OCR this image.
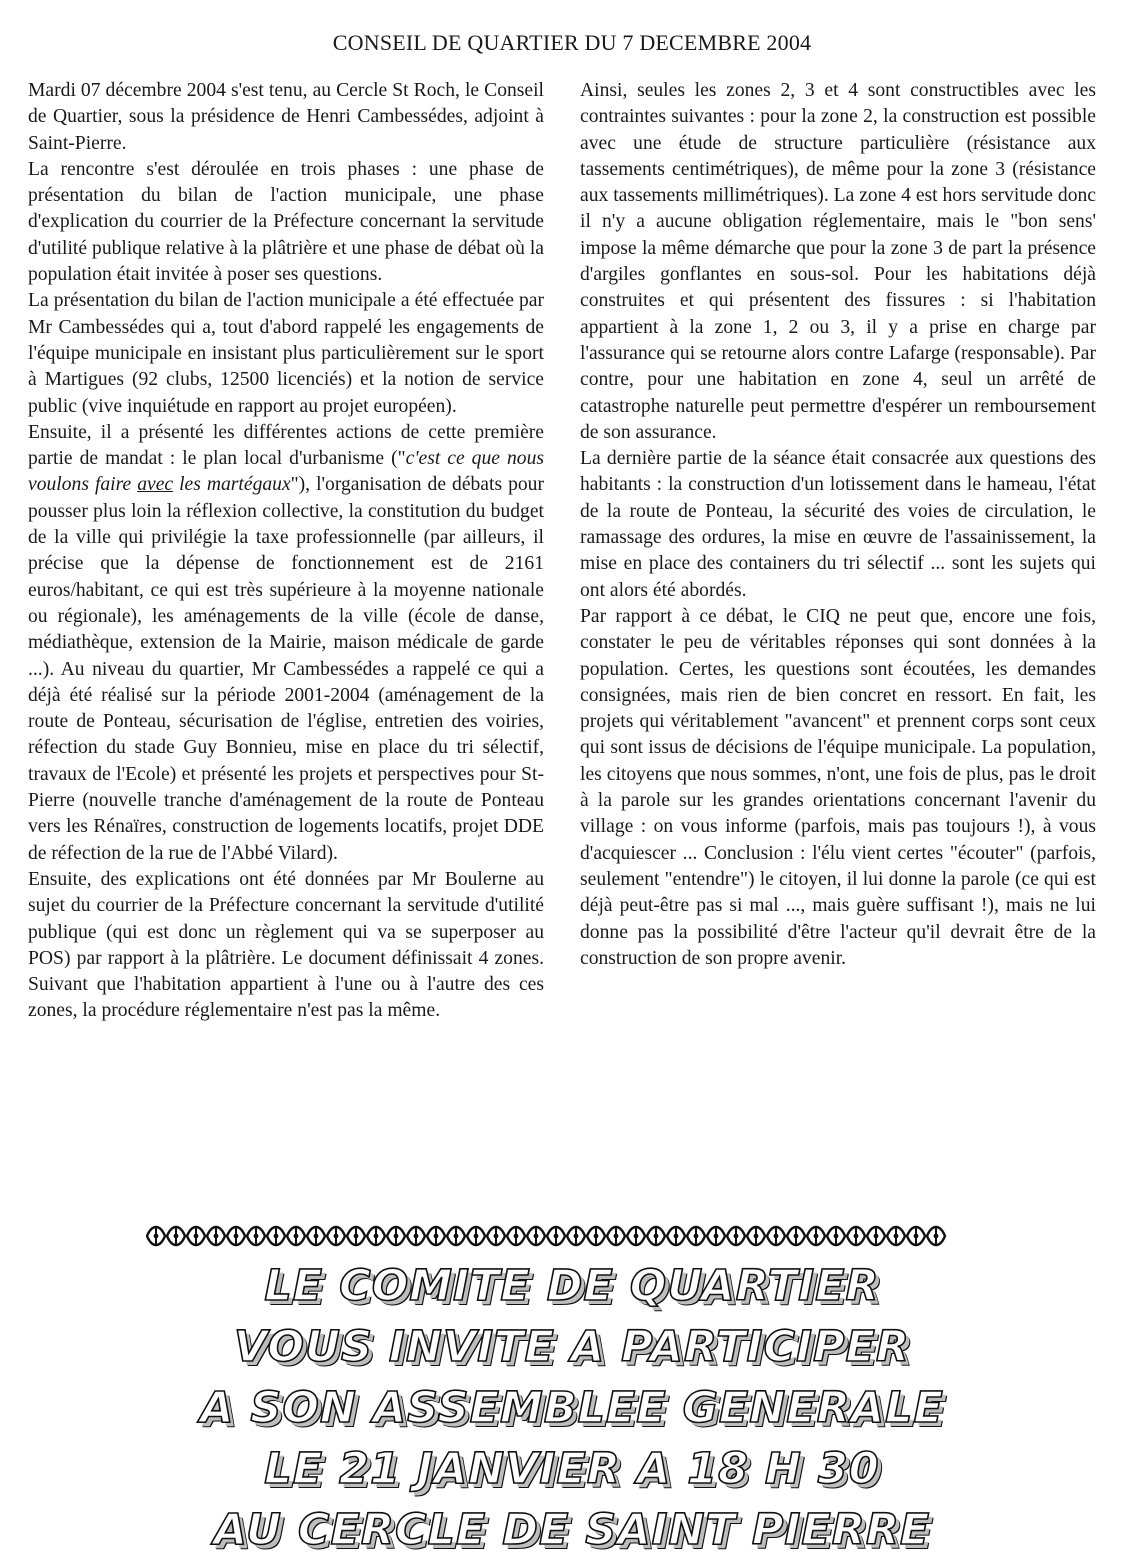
CONSEIL DE QUARTIER DU 7 DECEMBRE 2004

Mardi 07 décembre 2004 s'est tenu, au Cercle St Roch, le Conseil de Quartier, sous la présidence de Henri Cambessédes, adjoint à Saint-Pierre.

La rencontre s'est déroulée en trois phases : une phase de présentation du bilan de l'action municipale, une phase d'explication du courrier de la Préfecture concernant la servitude d'utilité publique relative à la plâtrière et une phase de débat où la population était invitée à poser ses questions.

La présentation du bilan de l'action municipale a été effectuée par Mr Cambessédes qui a, tout d'abord rappelé les engagements de l'équipe municipale en insistant plus particulièrement sur le sport à Martigues (92 clubs, 12500 licenciés) et la notion de service public (vive inquiétude en rapport au projet européen).

Ensuite, il a présenté les différentes actions de cette première partie de mandat : le plan local d'urbanisme ("c'est ce que nous voulons faire avec les martégaux"), l'organisation de débats pour pousser plus loin la réflexion collective, la constitution du budget de la ville qui privilégie la taxe professionnelle (par ailleurs, il précise que la dépense de fonctionnement est de 2161 euros/habitant, ce qui est très supérieure à la moyenne nationale ou régionale), les aménagements de la ville (école de danse, médiathèque, extension de la Mairie, maison médicale de garde ...). Au niveau du quartier, Mr Cambessédes a rappelé ce qui a déjà été réalisé sur la période 2001-2004 (aménagement de la route de Ponteau, sécurisation de l'église, entretien des voiries, réfection du stade Guy Bonnieu, mise en place du tri sélectif, travaux de l'Ecole) et présenté les projets et perspectives pour St-Pierre (nouvelle tranche d'aménagement de la route de Ponteau vers les Rénaïres, construction de logements locatifs, projet DDE de réfection de la rue de l'Abbé Vilard).

Ensuite, des explications ont été données par Mr Boulerne au sujet du courrier de la Préfecture concernant la servitude d'utilité publique (qui est donc un règlement qui va se superposer au POS) par rapport à la plâtrière. Le document définissait 4 zones. Suivant que l'habitation appartient à l'une ou à l'autre des ces zones, la procédure réglementaire n'est pas la même.

Ainsi, seules les zones 2, 3 et 4 sont constructibles avec les contraintes suivantes : pour la zone 2, la construction est possible avec une étude de structure particulière (résistance aux tassements centimétriques), de même pour la zone 3 (résistance aux tassements millimétriques). La zone 4 est hors servitude donc il n'y a aucune obligation réglementaire, mais le "bon sens' impose la même démarche que pour la zone 3 de part la présence d'argiles gonflantes en sous-sol. Pour les habitations déjà construites et qui présentent des fissures : si l'habitation appartient à la zone 1, 2 ou 3, il y a prise en charge par l'assurance qui se retourne alors contre Lafarge (responsable). Par contre, pour une habitation en zone 4, seul un arrêté de catastrophe naturelle peut permettre d'espérer un remboursement de son assurance.

La dernière partie de la séance était consacrée aux questions des habitants : la construction d'un lotissement dans le hameau, l'état de la route de Ponteau, la sécurité des voies de circulation, le ramassage des ordures, la mise en œuvre de l'assainissement, la mise en place des containers du tri sélectif ... sont les sujets qui ont alors été abordés.

Par rapport à ce débat, le CIQ ne peut que, encore une fois, constater le peu de véritables réponses qui sont données à la population. Certes, les questions sont écoutées, les demandes consignées, mais rien de bien concret en ressort. En fait, les projets qui véritablement "avancent" et prennent corps sont ceux qui sont issus de décisions de l'équipe municipale. La population, les citoyens que nous sommes, n'ont, une fois de plus, pas le droit à la parole sur les grandes orientations concernant l'avenir du village : on vous informe (parfois, mais pas toujours !), à vous d'acquiescer ... Conclusion : l'élu vient certes "écouter" (parfois, seulement "entendre") le citoyen, il lui donne la parole (ce qui est déjà peut-être pas si mal ..., mais guère suffisant !), mais ne lui donne pas la possibilité d'être l'acteur qu'il devrait être de la construction de son propre avenir.

LE COMITE DE QUARTIER
VOUS INVITE A PARTICIPER
A SON ASSEMBLEE GENERALE
LE 21 JANVIER A 18 H 30
AU CERCLE DE SAINT PIERRE
